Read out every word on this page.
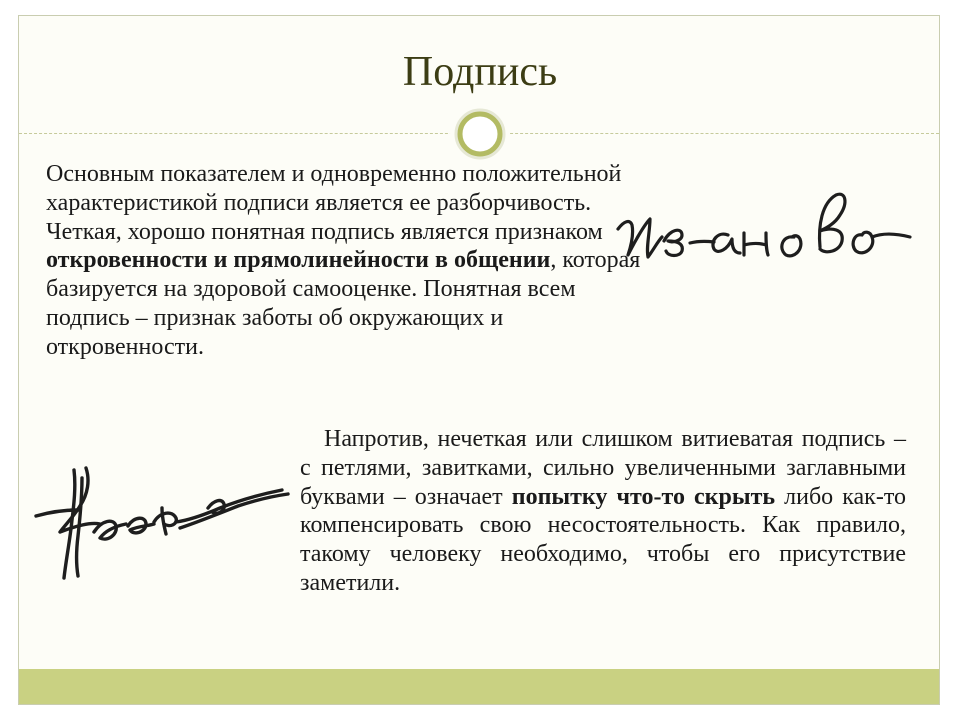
Подпись

Основным показателем и одновременно положительной характеристикой подписи является ее разборчивость. Четкая, хорошо понятная подпись является признаком откровенности и прямолинейности в общении, которая базируется на здоровой самооценке. Понятная всем подпись – признак заботы об окружающих и откровенности.

Напротив, нечеткая или слишком витиеватая подпись – с петлями, завитками, сильно увеличенными заглавными буквами – означает попытку что-то скрыть либо как-то компенсировать свою несостоятельность. Как правило, такому человеку необходимо, чтобы его присутствие заметили.
